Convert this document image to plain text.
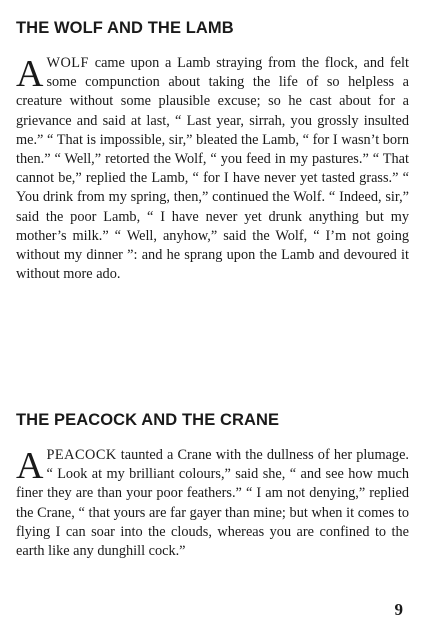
THE WOLF AND THE LAMB

AWOLF came upon a Lamb straying from the flock, and felt some compunction about taking the life of so helpless a creature without some plausible excuse; so he cast about for a grievance and said at last, “ Last year, sirrah, you grossly insulted me.” “ That is impossible, sir,” bleated the Lamb, “ for I wasn’t born then.” “ Well,” retorted the Wolf, “ you feed in my pastures.” “ That cannot be,” replied the Lamb, “ for I have never yet tasted grass.” “ You drink from my spring, then,” continued the Wolf. “ Indeed, sir,” said the poor Lamb, “ I have never yet drunk anything but my mother’s milk.” “ Well, anyhow,” said the Wolf, “ I’m not going without my dinner ”: and he sprang upon the Lamb and devoured it without more ado.

THE PEACOCK AND THE CRANE

APEACOCK taunted a Crane with the dullness of her plumage. “ Look at my brilliant colours,” said she, “ and see how much finer they are than your poor feathers.” “ I am not denying,” replied the Crane, “ that yours are far gayer than mine; but when it comes to flying I can soar into the clouds, whereas you are confined to the earth like any dunghill cock.”

9
